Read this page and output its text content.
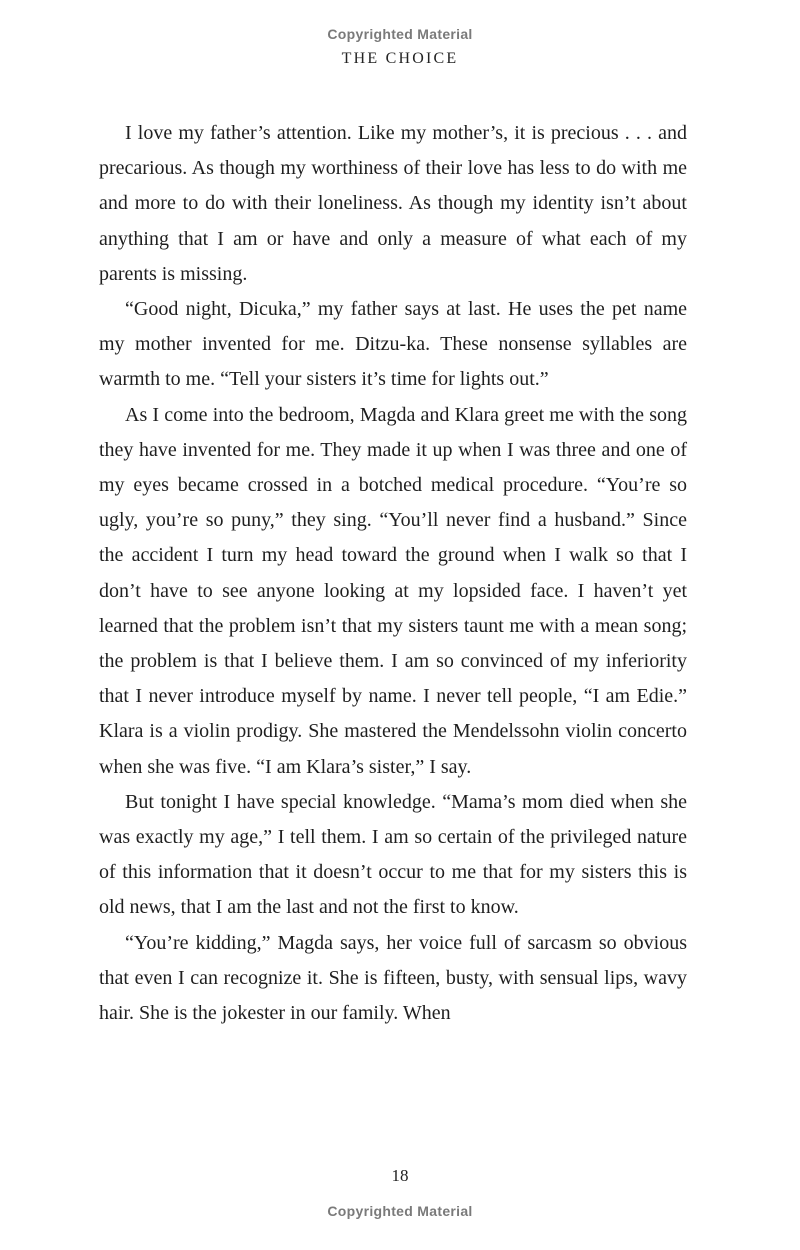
Copyrighted Material
THE CHOICE

I love my father’s attention. Like my mother’s, it is precious . . . and precarious. As though my worthiness of their love has less to do with me and more to do with their loneliness. As though my identity isn’t about anything that I am or have and only a measure of what each of my parents is missing.

“Good night, Dicuka,” my father says at last. He uses the pet name my mother invented for me. Ditzu-ka. These nonsense syllables are warmth to me. “Tell your sisters it’s time for lights out.”

As I come into the bedroom, Magda and Klara greet me with the song they have invented for me. They made it up when I was three and one of my eyes became crossed in a botched medical procedure. “You’re so ugly, you’re so puny,” they sing. “You’ll never find a husband.” Since the accident I turn my head toward the ground when I walk so that I don’t have to see anyone looking at my lopsided face. I haven’t yet learned that the problem isn’t that my sisters taunt me with a mean song; the problem is that I believe them. I am so convinced of my inferiority that I never introduce myself by name. I never tell people, “I am Edie.” Klara is a violin prodigy. She mastered the Mendelssohn violin concerto when she was five. “I am Klara’s sister,” I say.

But tonight I have special knowledge. “Mama’s mom died when she was exactly my age,” I tell them. I am so certain of the privileged nature of this information that it doesn’t occur to me that for my sisters this is old news, that I am the last and not the first to know.

“You’re kidding,” Magda says, her voice full of sarcasm so obvious that even I can recognize it. She is fifteen, busty, with sensual lips, wavy hair. She is the jokester in our family. When

18
Copyrighted Material
